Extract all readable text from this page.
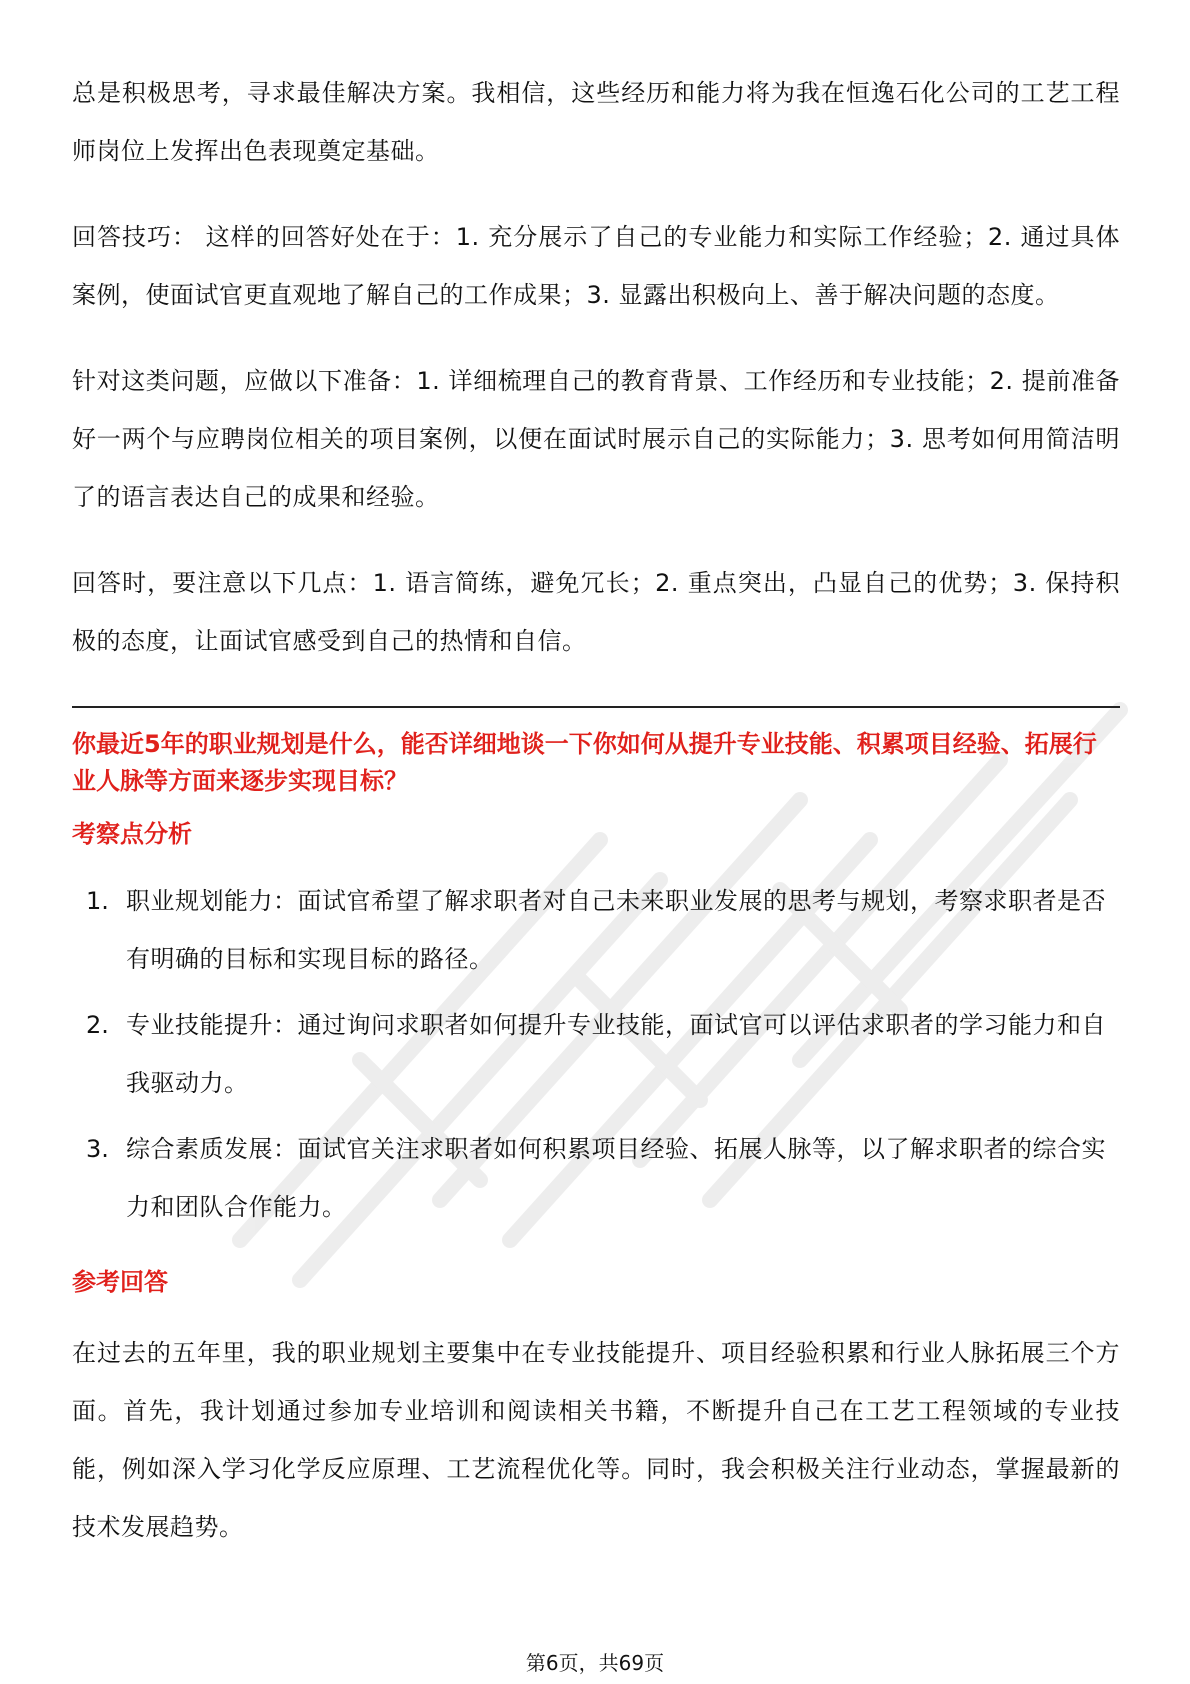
总是积极思考，寻求最佳解决方案。我相信，这些经历和能力将为我在恒逸石化公司的工艺工程师岗位上发挥出色表现奠定基础。

回答技巧： 这样的回答好处在于：1. 充分展示了自己的专业能力和实际工作经验；2. 通过具体案例，使面试官更直观地了解自己的工作成果；3. 显露出积极向上、善于解决问题的态度。

针对这类问题，应做以下准备：1. 详细梳理自己的教育背景、工作经历和专业技能；2. 提前准备好一两个与应聘岗位相关的项目案例，以便在面试时展示自己的实际能力；3. 思考如何用简洁明了的语言表达自己的成果和经验。

回答时，要注意以下几点：1. 语言简练，避免冗长；2. 重点突出，凸显自己的优势；3. 保持积极的态度，让面试官感受到自己的热情和自信。

你最近5年的职业规划是什么，能否详细地谈一下你如何从提升专业技能、积累项目经验、拓展行业人脉等方面来逐步实现目标？

考察点分析
1. 职业规划能力：面试官希望了解求职者对自己未来职业发展的思考与规划，考察求职者是否有明确的目标和实现目标的路径。
2. 专业技能提升：通过询问求职者如何提升专业技能，面试官可以评估求职者的学习能力和自我驱动力。
3. 综合素质发展：面试官关注求职者如何积累项目经验、拓展人脉等，以了解求职者的综合实力和团队合作能力。
参考回答

在过去的五年里，我的职业规划主要集中在专业技能提升、项目经验积累和行业人脉拓展三个方面。首先，我计划通过参加专业培训和阅读相关书籍，不断提升自己在工艺工程领域的专业技能，例如深入学习化学反应原理、工艺流程优化等。同时，我会积极关注行业动态，掌握最新的技术发展趋势。

第6页，共69页
